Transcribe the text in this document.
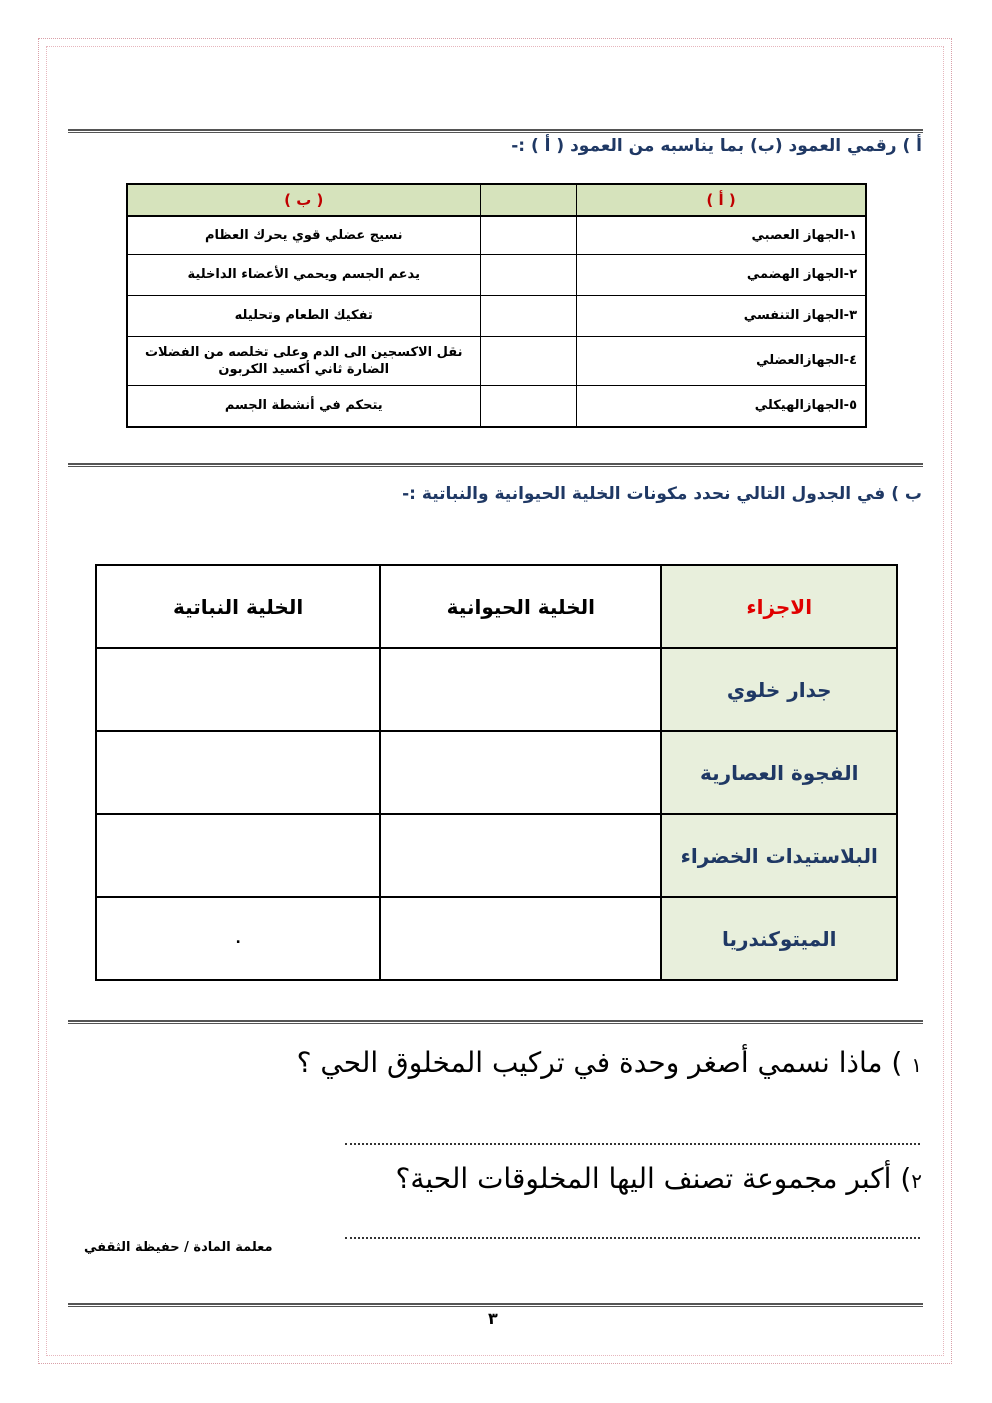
أ ) رقمي العمود (ب) بما يناسبه من العمود ( أ ) :-
( أ )		( ب )
١-الجهاز العصبي		نسيج عضلي قوي يحرك العظام
٢-الجهاز الهضمي		يدعم الجسم ويحمي الأعضاء الداخلية
٣-الجهاز التنفسي		تفكيك الطعام وتحليله
٤-الجهازالعضلي		نقل الاكسجين الى الدم وعلى تخلصه من الفضلات الضارة ثاني أكسيد الكربون
٥-الجهازالهيكلي		يتحكم في أنشطة الجسم
ب ) في الجدول التالي نحدد مكونات الخلية الحيوانية والنباتية :-
الاجزاء	الخلية الحيوانية	الخلية النباتية
جدار خلوي		
الفجوة العصارية		
البلاستيدات الخضراء		
الميتوكندريا		.
١ ) ماذا نسمي أصغر وحدة في تركيب المخلوق الحي ؟
٢) أكبر مجموعة تصنف اليها المخلوقات الحية؟
معلمة المادة / حفيظة الثقفي
٣
